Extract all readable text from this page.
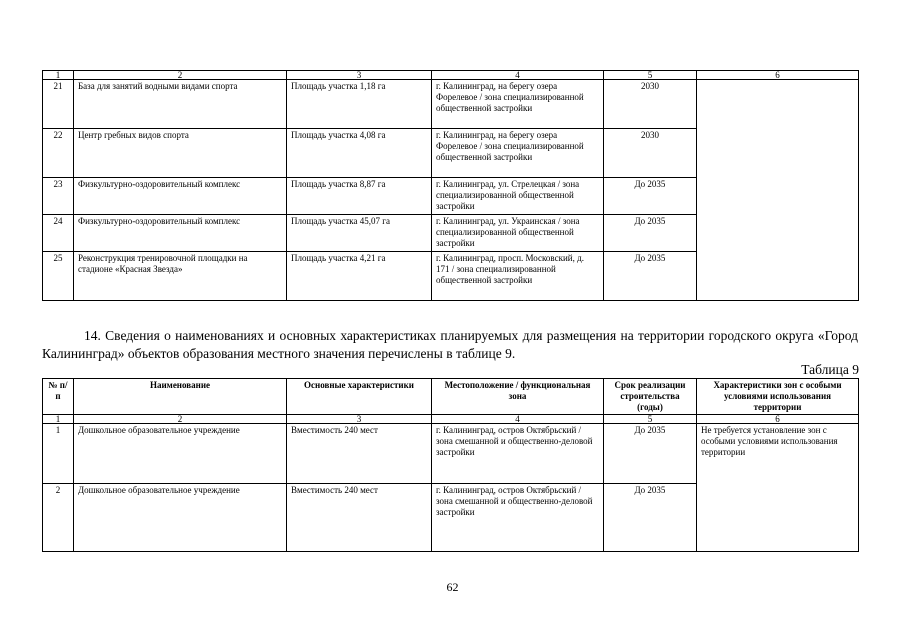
1	2	3	4	5	6
21	База для занятий водными видами спорта	Площадь участка 1,18 га	г. Калининград, на берегу озера Форелевое / зона специализированной общественной застройки	2030	
22	Центр гребных видов спорта	Площадь участка 4,08 га	г. Калининград, на берегу озера Форелевое / зона специализированной общественной застройки	2030	
23	Физкультурно-оздоровительный комплекс	Площадь участка 8,87 га	г. Калининград, ул. Стрелецкая / зона специализированной общественной застройки	До 2035	
24	Физкультурно-оздоровительный комплекс	Площадь участка 45,07 га	г. Калининград, ул. Украинская / зона специализированной общественной застройки	До 2035	
25	Реконструкция тренировочной площадки на стадионе «Красная Звезда»	Площадь участка 4,21 га	г. Калининград, просп. Московский, д. 171 / зона специализированной общественной застройки	До 2035	
14. Сведения о наименованиях и основных характеристиках планируемых для размещения на территории городского округа «Город Калининград» объектов образования местного значения перечислены в таблице 9.
Таблица 9
№ п/п	Наименование	Основные характеристики	Местоположение / функциональная зона	Срок реализации строительства (годы)	Характеристики зон с особыми условиями использования территории
1	2	3	4	5	6
1	Дошкольное образовательное учреждение	Вместимость 240 мест	г. Калининград, остров Октябрьский / зона смешанной и общественно-деловой застройки	До 2035	Не требуется установление зон с особыми условиями использования территории
2	Дошкольное образовательное учреждение	Вместимость 240 мест	г. Калининград, остров Октябрьский / зона смешанной и общественно-деловой застройки	До 2035	
62
